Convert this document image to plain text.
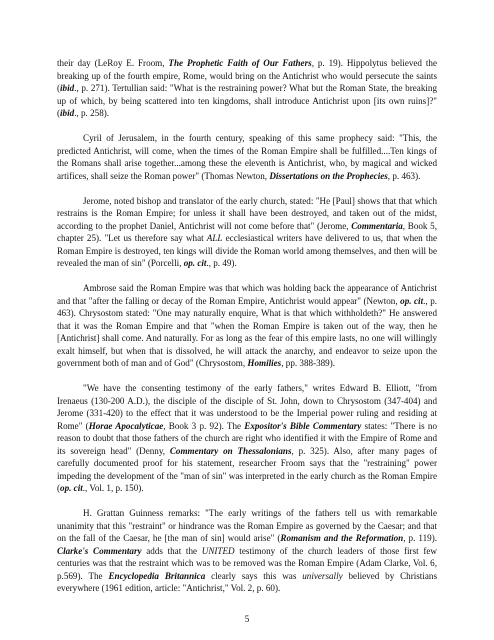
their day (LeRoy E. Froom, The Prophetic Faith of Our Fathers, p. 19). Hippolytus believed the breaking up of the fourth empire, Rome, would bring on the Antichrist who would persecute the saints (ibid., p. 271). Tertullian said: "What is the restraining power? What but the Roman State, the breaking up of which, by being scattered into ten kingdoms, shall introduce Antichrist upon [its own ruins]?" (ibid., p. 258).

Cyril of Jerusalem, in the fourth century, speaking of this same prophecy said: "This, the predicted Antichrist, will come, when the times of the Roman Empire shall be fulfilled....Ten kings of the Romans shall arise together...among these the eleventh is Antichrist, who, by magical and wicked artifices, shall seize the Roman power" (Thomas Newton, Dissertations on the Prophecies, p. 463).

Jerome, noted bishop and translator of the early church, stated: "He [Paul] shows that that which restrains is the Roman Empire; for unless it shall have been destroyed, and taken out of the midst, according to the prophet Daniel, Antichrist will not come before that" (Jerome, Commentaria, Book 5, chapter 25). "Let us therefore say what ALL ecclesiastical writers have delivered to us, that when the Roman Empire is destroyed, ten kings will divide the Roman world among themselves, and then will be revealed the man of sin" (Porcelli, op. cit., p. 49).

Ambrose said the Roman Empire was that which was holding back the appearance of Antichrist and that "after the falling or decay of the Roman Empire, Antichrist would appear" (Newton, op. cit., p. 463). Chrysostom stated: "One may naturally enquire, What is that which withholdeth?" He answered that it was the Roman Empire and that "when the Roman Empire is taken out of the way, then he [Antichrist] shall come. And naturally. For as long as the fear of this empire lasts, no one will willingly exalt himself, but when that is dissolved, he will attack the anarchy, and endeavor to seize upon the government both of man and of God" (Chrysostom, Homilies, pp. 388-389).

"We have the consenting testimony of the early fathers," writes Edward B. Elliott, "from Irenaeus (130-200 A.D.), the disciple of the disciple of St. John, down to Chrysostom (347-404) and Jerome (331-420) to the effect that it was understood to be the Imperial power ruling and residing at Rome" (Horae Apocalyticae, Book 3 p. 92). The Expositor's Bible Commentary states: "There is no reason to doubt that those fathers of the church are right who identified it with the Empire of Rome and its sovereign head" (Denny, Commentary on Thessalonians, p. 325). Also, after many pages of carefully documented proof for his statement, researcher Froom says that the "restraining" power impeding the development of the "man of sin" was interpreted in the early church as the Roman Empire (op. cit., Vol. 1, p. 150).

H. Grattan Guinness remarks: "The early writings of the fathers tell us with remarkable unanimity that this "restraint" or hindrance was the Roman Empire as governed by the Caesar; and that on the fall of the Caesar, he [the man of sin] would arise" (Romanism and the Reformation, p. 119). Clarke's Commentary adds that the UNITED testimony of the church leaders of those first few centuries was that the restraint which was to be removed was the Roman Empire (Adam Clarke, Vol. 6, p.569). The Encyclopedia Britannica clearly says this was universally believed by Christians everywhere (1961 edition, article: "Antichrist," Vol. 2, p. 60).

5
